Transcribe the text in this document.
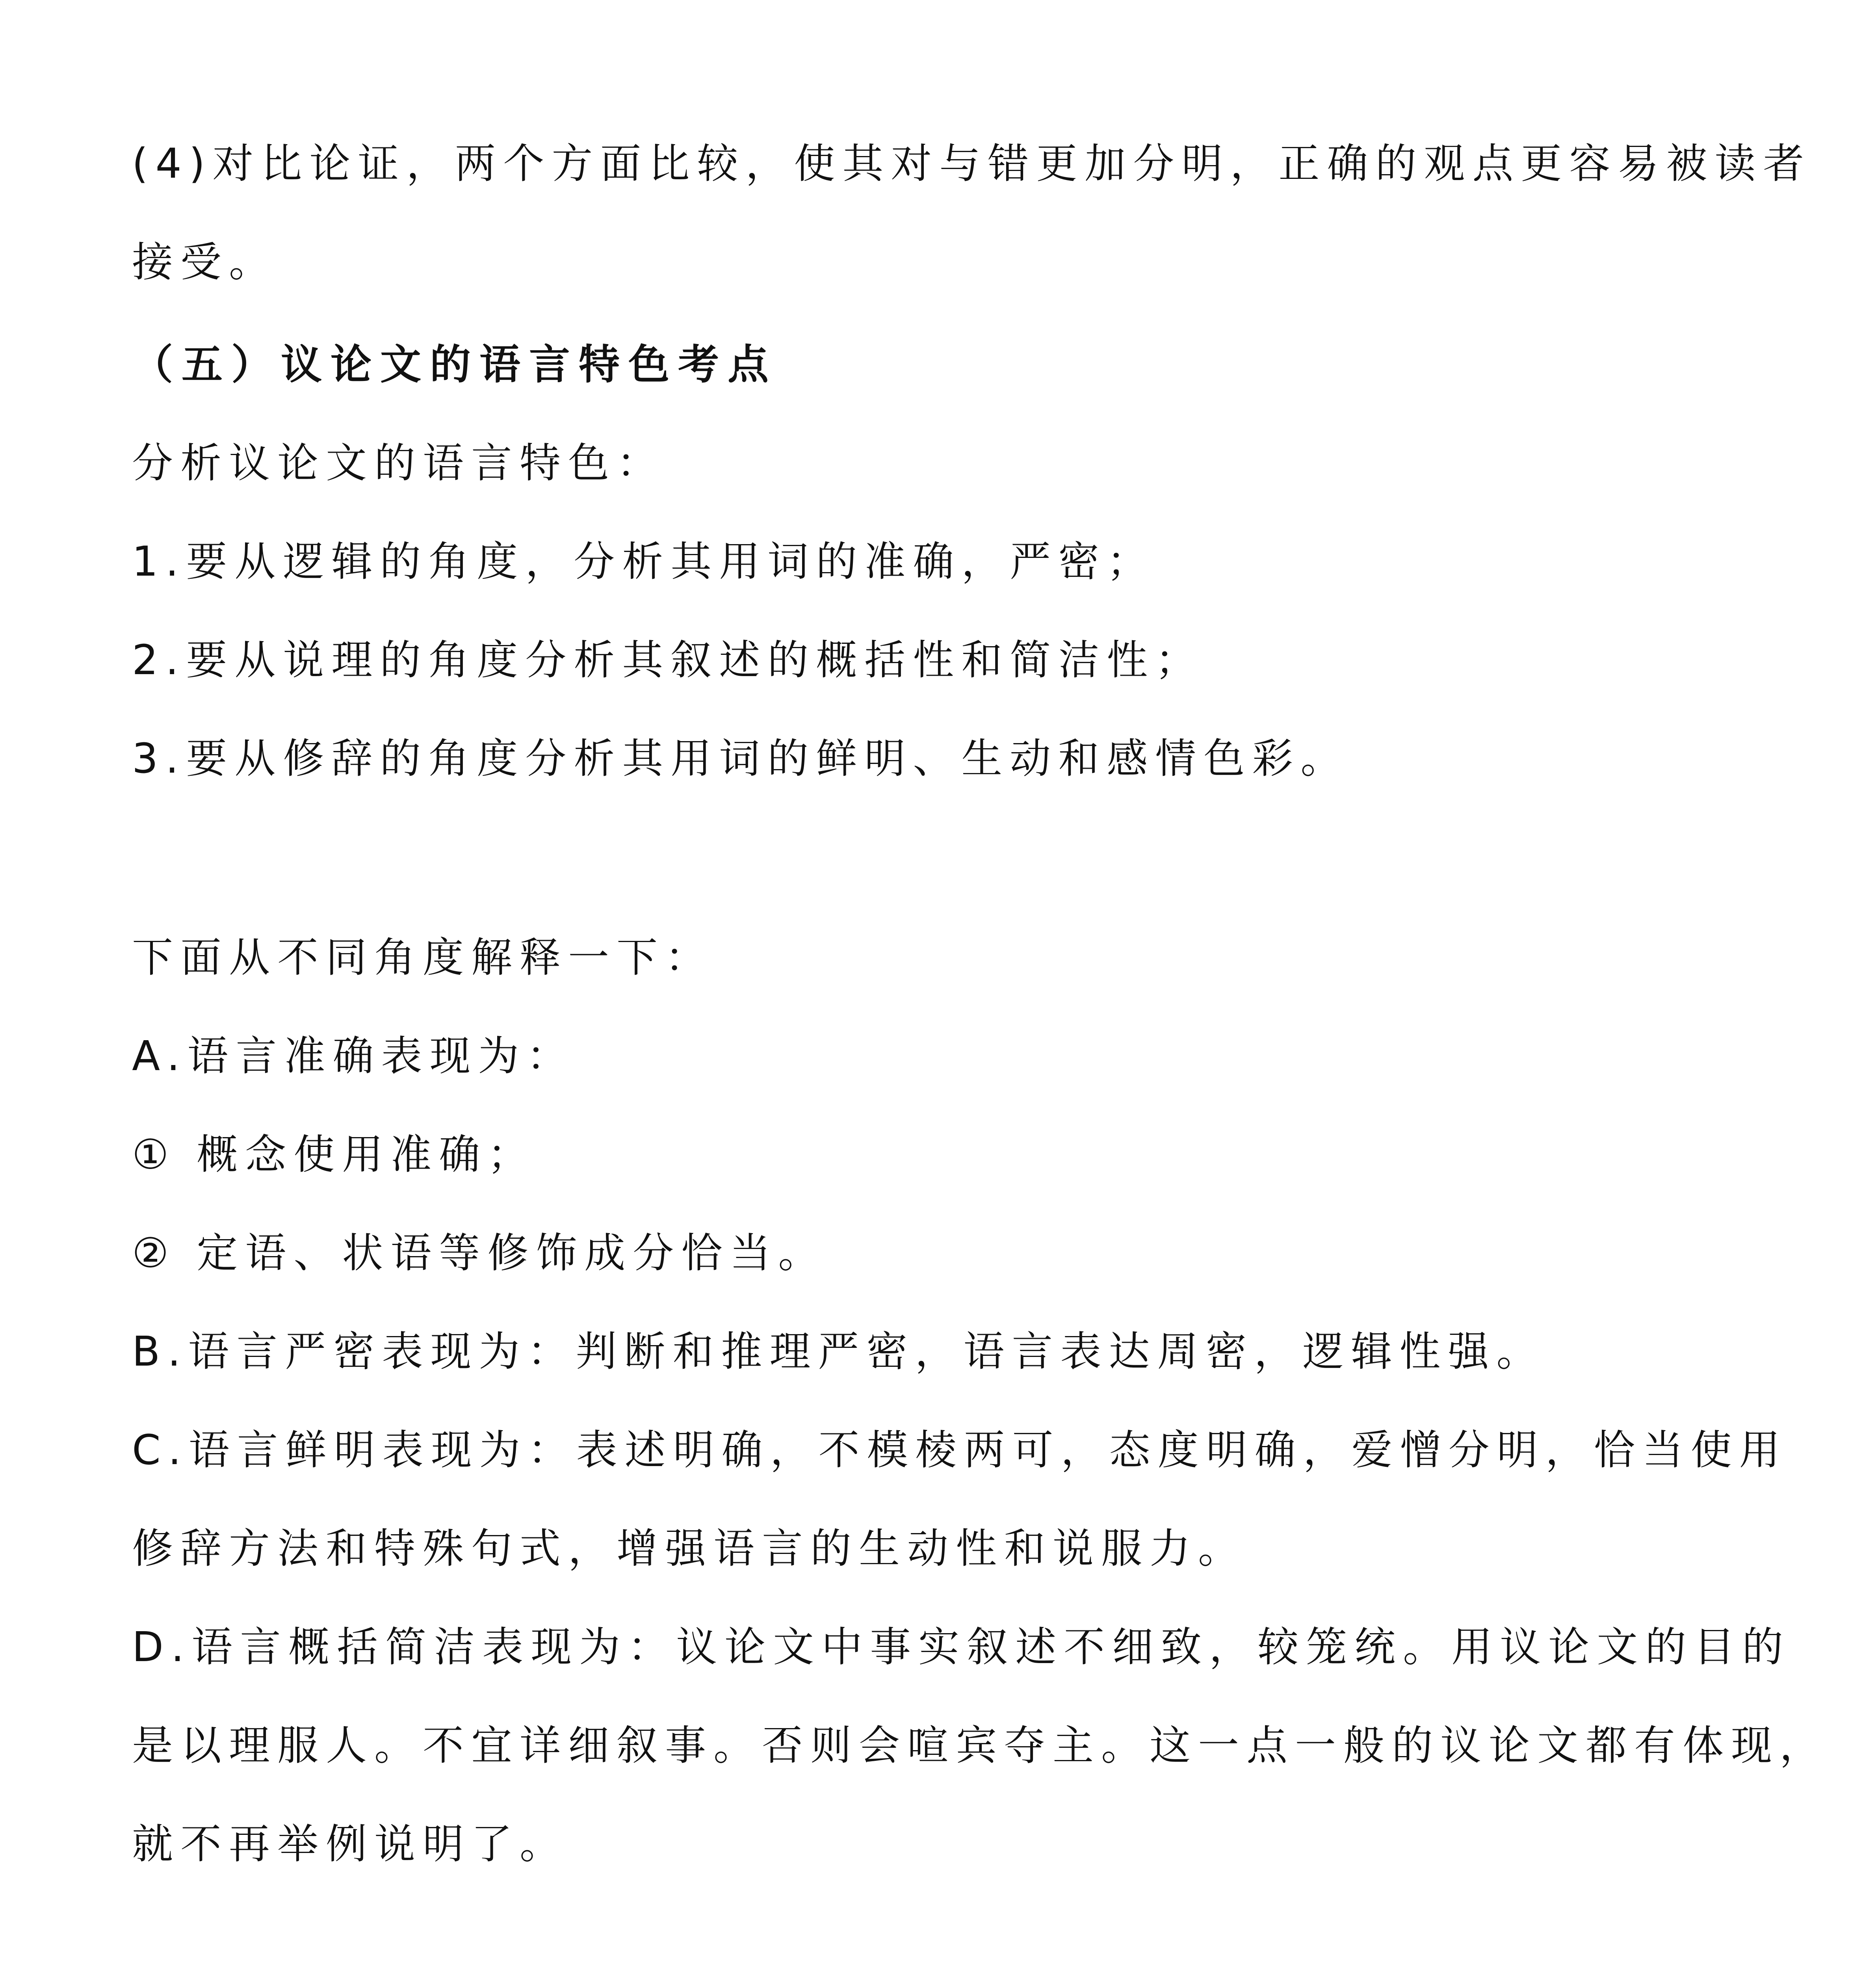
(4)对比论证，两个方面比较，使其对与错更加分明，正确的观点更容易被读者

接受。

（五）议论文的语言特色考点

分析议论文的语言特色：

1.要从逻辑的角度，分析其用词的准确，严密；

2.要从说理的角度分析其叙述的概括性和简洁性；

3.要从修辞的角度分析其用词的鲜明、生动和感情色彩。

下面从不同角度解释一下：

A.语言准确表现为：

① 概念使用准确；

② 定语、状语等修饰成分恰当。

B.语言严密表现为：判断和推理严密，语言表达周密，逻辑性强。

C.语言鲜明表现为：表述明确，不模棱两可，态度明确，爱憎分明，恰当使用

修辞方法和特殊句式，增强语言的生动性和说服力。

D.语言概括简洁表现为：议论文中事实叙述不细致，较笼统。用议论文的目的

是以理服人。不宜详细叙事。否则会喧宾夺主。这一点一般的议论文都有体现，

就不再举例说明了。
